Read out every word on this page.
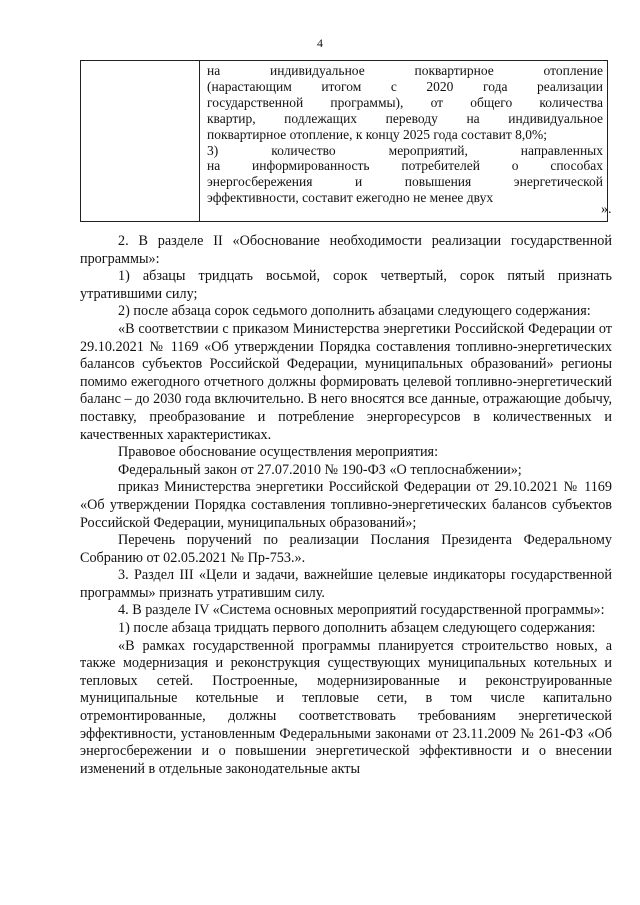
4

на индивидуальное поквартирное отопление
(нарастающим итогом с 2020 года реализации
государственной программы), от общего количества
квартир, подлежащих переводу на индивидуальное
поквартирное отопление, к концу 2025 года составит 8,0%;
3) количество мероприятий, направленных
на информированность потребителей о способах
энергосбережения и повышения энергетической
эффективности, составит ежегодно не менее двух
».

2. В разделе II «Обоснование необходимости реализации государственной программы»:

1) абзацы тридцать восьмой, сорок четвертый, сорок пятый признать утратившими силу;

2) после абзаца сорок седьмого дополнить абзацами следующего содержания:

«В соответствии с приказом Министерства энергетики Российской Федерации от 29.10.2021 № 1169 «Об утверждении Порядка составления топливно-энергетических балансов субъектов Российской Федерации, муниципальных образований» регионы помимо ежегодного отчетного должны формировать целевой топливно-энергетический баланс – до 2030 года включительно. В него вносятся все данные, отражающие добычу, поставку, преобразование и потребление энергоресурсов в количественных и качественных характеристиках.

Правовое обоснование осуществления мероприятия:

Федеральный закон от 27.07.2010 № 190-ФЗ «О теплоснабжении»;

приказ Министерства энергетики Российской Федерации от 29.10.2021 № 1169 «Об утверждении Порядка составления топливно-энергетических балансов субъектов Российской Федерации, муниципальных образований»;

Перечень поручений по реализации Послания Президента Федеральному Собранию от 02.05.2021 № Пр-753.».

3. Раздел III «Цели и задачи, важнейшие целевые индикаторы государственной программы» признать утратившим силу.

4. В разделе IV «Система основных мероприятий государственной программы»:

1) после абзаца тридцать первого дополнить абзацем следующего содержания:

«В рамках государственной программы планируется строительство новых, а также модернизация и реконструкция существующих муниципальных котельных и тепловых сетей. Построенные, модернизированные и реконструированные муниципальные котельные и тепловые сети, в том числе капитально отремонтированные, должны соответствовать требованиям энергетической эффективности, установленным Федеральными законами от 23.11.2009 № 261-ФЗ «Об энергосбережении и о повышении энергетической эффективности и о внесении изменений в отдельные законодательные акты
